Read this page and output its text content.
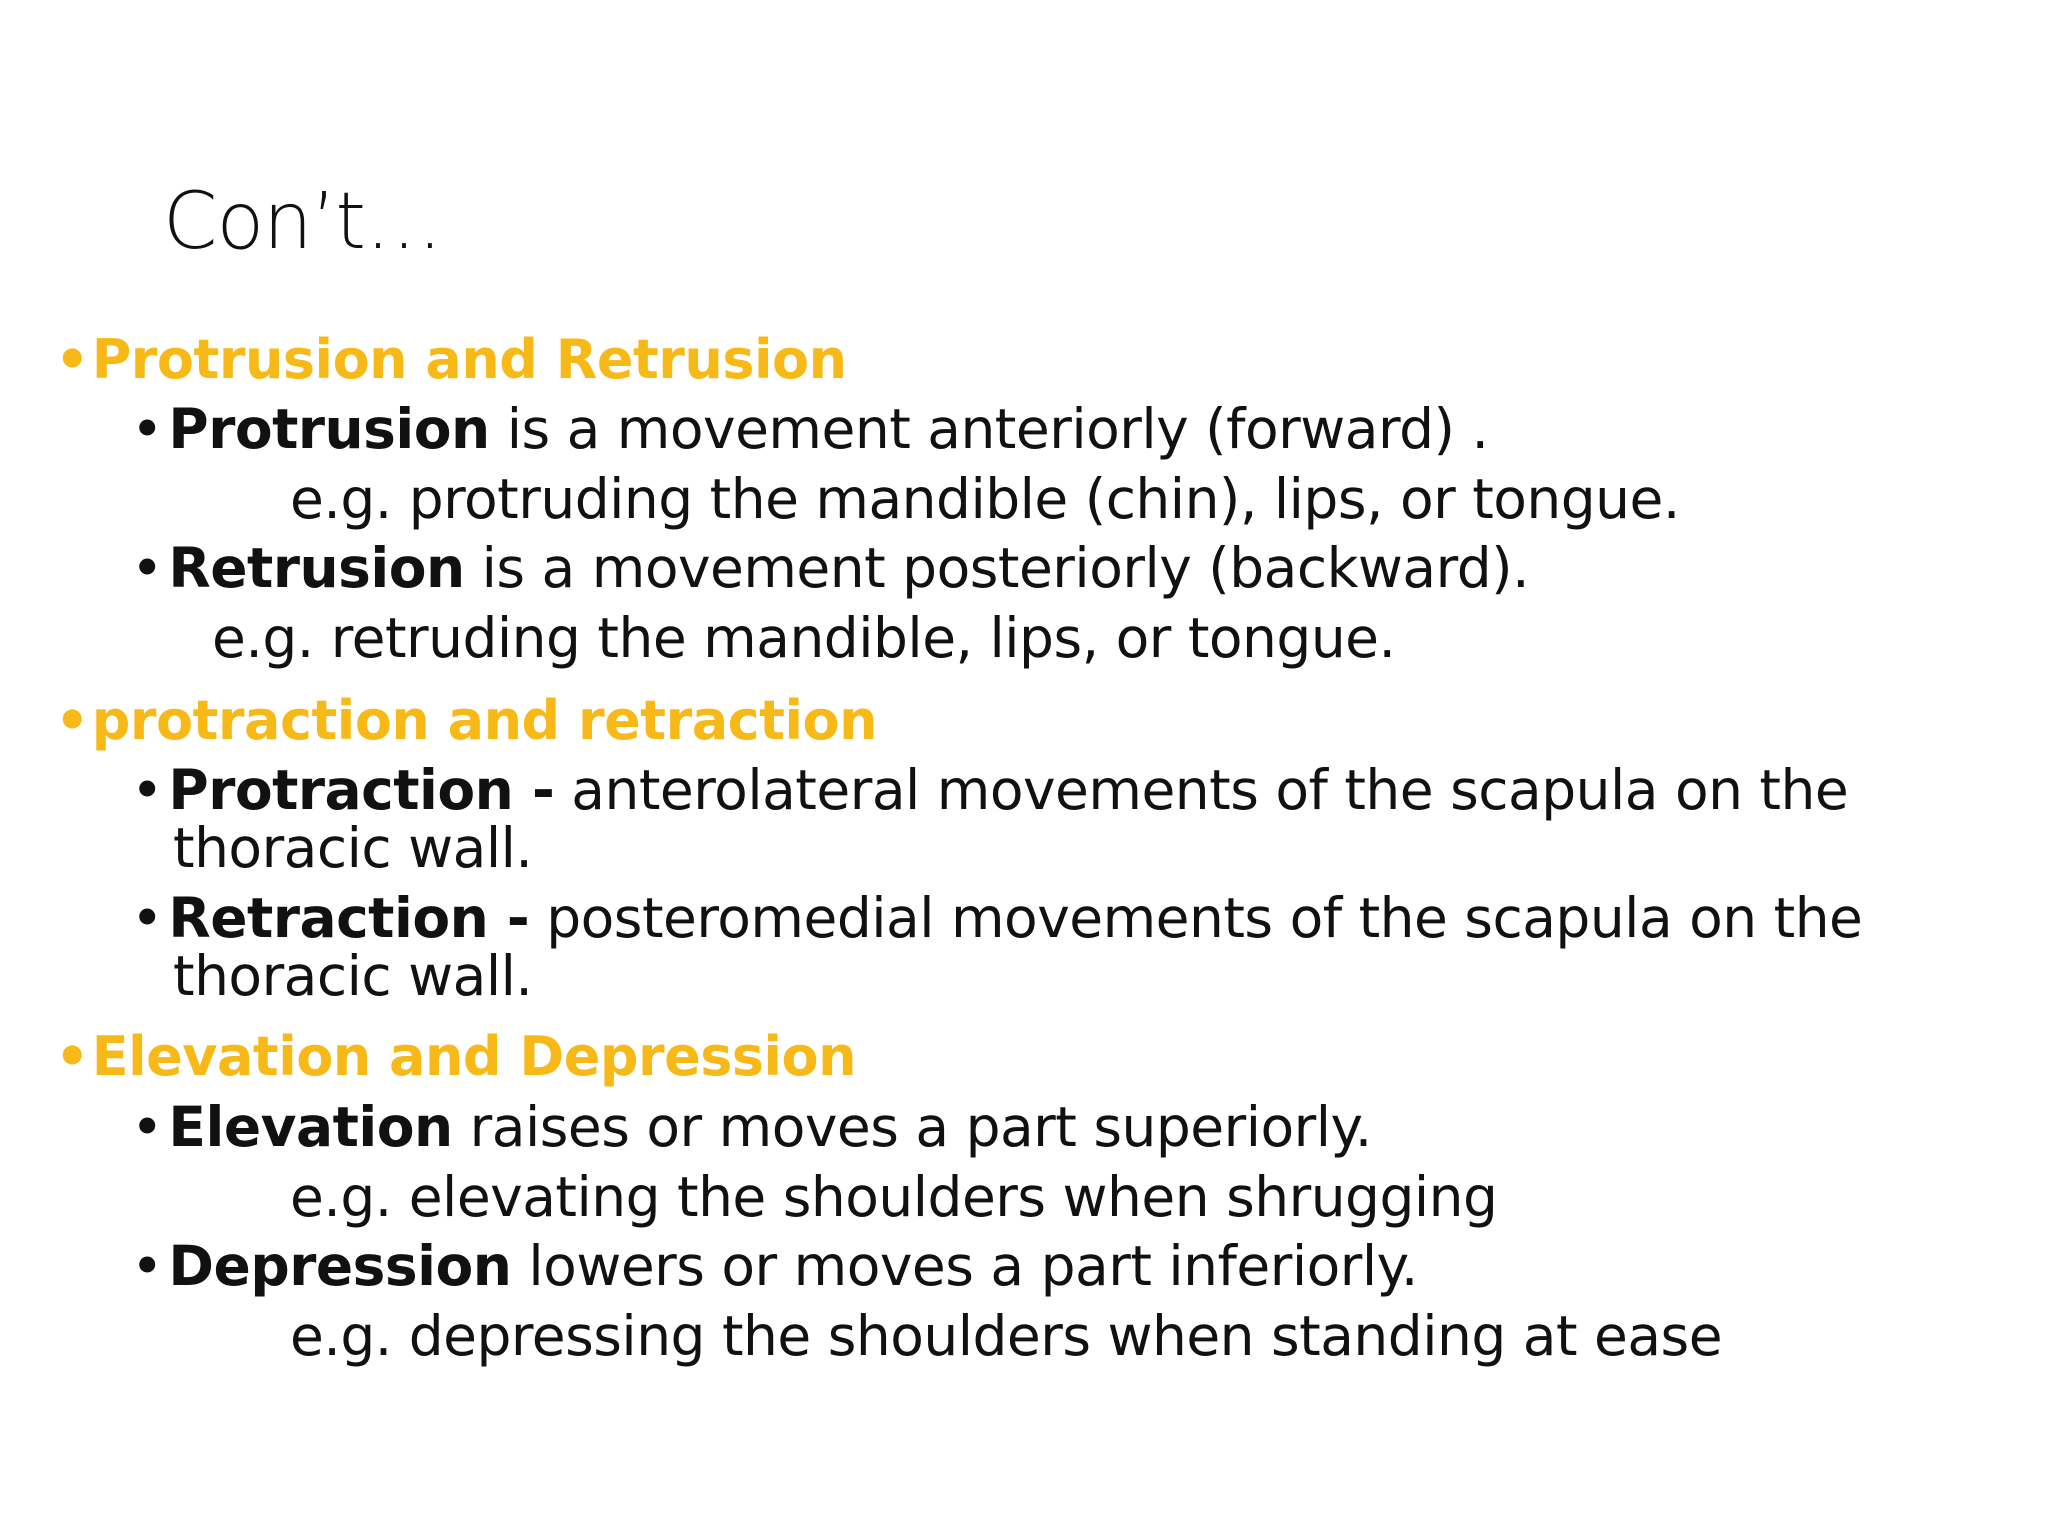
Con’t…
•Protrusion and Retrusion
•Protrusion is a movement anteriorly (forward) .
e.g. protruding the mandible (chin), lips, or tongue.
•Retrusion is a movement posteriorly (backward).
e.g. retruding the mandible, lips, or tongue.
•protraction and retraction
•Protraction - anterolateral movements of the scapula on the
thoracic wall.
•Retraction - posteromedial movements of the scapula on the
thoracic wall.
•Elevation and Depression
•Elevation raises or moves a part superiorly.
e.g. elevating the shoulders when shrugging
•Depression lowers or moves a part inferiorly.
e.g. depressing the shoulders when standing at ease
